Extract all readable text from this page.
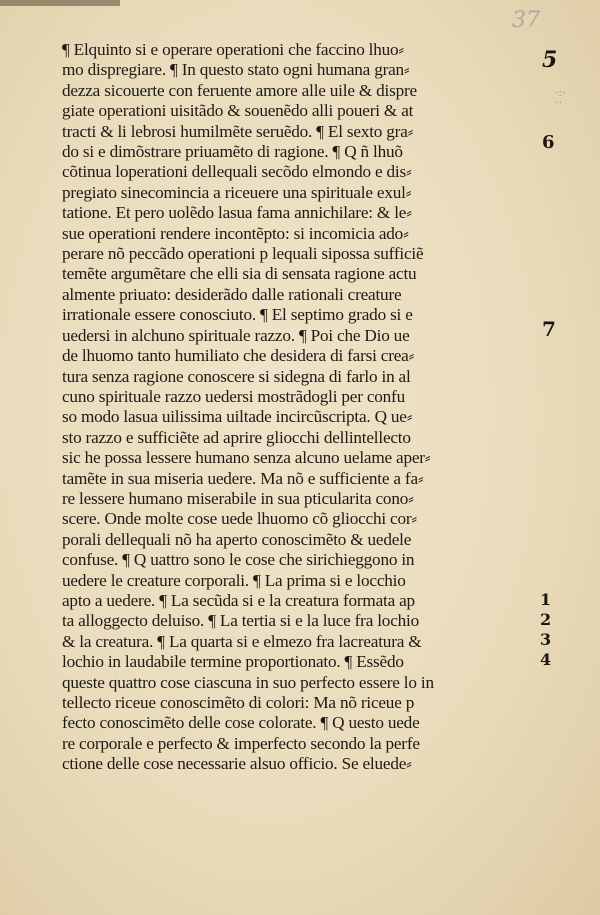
37
¶ Elquinto si e operare operationi che faccino lhuo⸗
mo dispregiare. ¶ In questo stato ogni humana gran⸗
dezza sicouerte con feruente amore alle uile & dispre
giate operationi uisitãdo & souenẽdo alli poueri & at
tracti & li lebrosi humilmẽte seruẽdo. ¶ El sexto gra⸗
do si e dimõstrare priuamẽto di ragione. ¶ Q ñ lhuõ
cõtinua loperationi dellequali secõdo elmondo e dis⸗
pregiato sinecomincia a riceuere una spirituale exul⸗
tatione. Et pero uolẽdo lasua fama annichilare: & le⸗
sue operationi rendere incontẽpto: si incomicia ado⸗
perare nõ peccãdo operationi p lequali sipossa sufficiẽ
temẽte argumẽtare che elli sia di sensata ragione actu
almente priuato: desiderãdo dalle rationali creature
irrationale essere conosciuto. ¶ El septimo grado si e
uedersi in alchuno spirituale razzo. ¶ Poi che Dio ue
de lhuomo tanto humiliato che desidera di farsi crea⸗
tura senza ragione conoscere si sidegna di farlo in al
cuno spirituale razzo uedersi mostrãdogli per confu
so modo lasua uilissima uiltade incircũscripta. Q ue⸗
sto razzo e sufficiẽte ad aprire gliocchi dellintellecto
sic he possa lessere humano senza alcuno uelame aper⸗
tamẽte in sua miseria uedere. Ma nõ e sufficiente a fa⸗
re lessere humano miserabile in sua pticularita cono⸗
scere. Onde molte cose uede lhuomo cõ gliocchi cor⸗
porali dellequali nõ ha aperto conoscimẽto & uedele
confuse. ¶ Q uattro sono le cose che sirichieggono in
uedere le creature corporali. ¶ La prima si e locchio
apto a uedere. ¶ La secũda si e la creatura formata ap
ta alloggecto deluiso. ¶ La tertia si e la luce fra lochio
& la creatura. ¶ La quarta si e elmezo fra lacreatura &
lochio in laudabile termine proportionato. ¶ Essẽdo
queste quattro cose ciascuna in suo perfecto essere lo in
tellecto riceue conoscimẽto di colori: Ma nõ riceue p
fecto conoscimẽto delle cose colorate. ¶ Q uesto uede
re corporale e perfecto & imperfecto secondo la perfe
ctione delle cose necessarie alsuo officio. Se eluede⸗
5
·:·
··
6
7
1
2
3
4
